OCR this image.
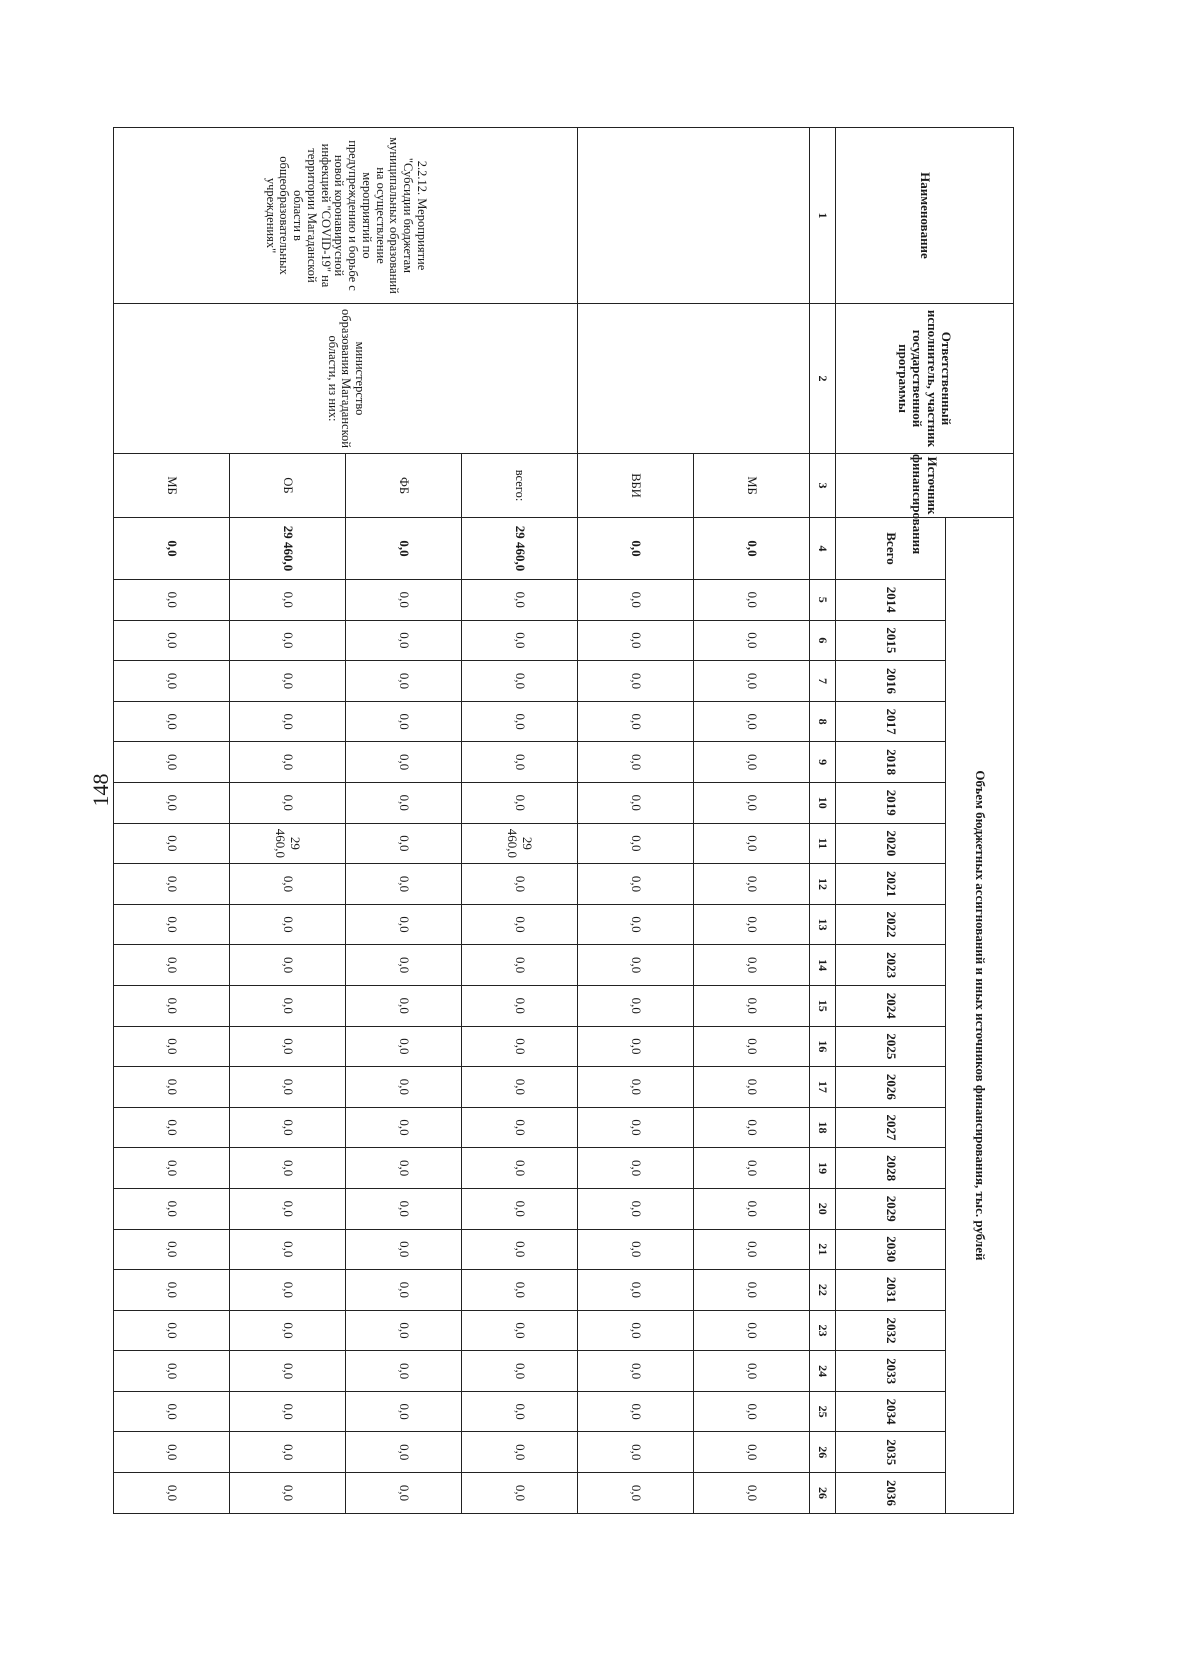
148
Наименование	Ответственный исполнитель, участник государственной программы	Источник финансирования	Объем бюджетных ассигнований и иных источников финансирования, тыс. рублей																							
			Всего	2014	2015	2016	2017	2018	2019	2020	2021	2022	2023	2024	2025	2026	2027	2028	2029	2030	2031	2032	2033	2034	2035	2036
1	2	3	4	5	6	7	8	9	10	11	12	13	14	15	16	17	18	19	20	21	22	23	24	25	26	26
		МБ	0,0	0,0	0,0	0,0	0,0	0,0	0,0	0,0	0,0	0,0	0,0	0,0	0,0	0,0	0,0	0,0	0,0	0,0	0,0	0,0	0,0	0,0	0,0	0,0
		ВБИ	0,0	0,0	0,0	0,0	0,0	0,0	0,0	0,0	0,0	0,0	0,0	0,0	0,0	0,0	0,0	0,0	0,0	0,0	0,0	0,0	0,0	0,0	0,0	0,0
2.2.12. Мероприятие "Субсидии бюджетам муниципальных образований на осуществление мероприятий по предупреждению и борьбе с новой коронавирусной инфекцией "COVID-19" на территории Магаданской области в общеобразовательных учреждениях"	министерство образования Магаданской области, из них:	всего:	29 460,0	0,0	0,0	0,0	0,0	0,0	0,0	29 460,0	0,0	0,0	0,0	0,0	0,0	0,0	0,0	0,0	0,0	0,0	0,0	0,0	0,0	0,0	0,0	0,0
		ФБ	0,0	0,0	0,0	0,0	0,0	0,0	0,0	0,0	0,0	0,0	0,0	0,0	0,0	0,0	0,0	0,0	0,0	0,0	0,0	0,0	0,0	0,0	0,0	0,0
		ОБ	29 460,0	0,0	0,0	0,0	0,0	0,0	0,0	29 460,0	0,0	0,0	0,0	0,0	0,0	0,0	0,0	0,0	0,0	0,0	0,0	0,0	0,0	0,0	0,0	0,0
		МБ	0,0	0,0	0,0	0,0	0,0	0,0	0,0	0,0	0,0	0,0	0,0	0,0	0,0	0,0	0,0	0,0	0,0	0,0	0,0	0,0	0,0	0,0	0,0	0,0
